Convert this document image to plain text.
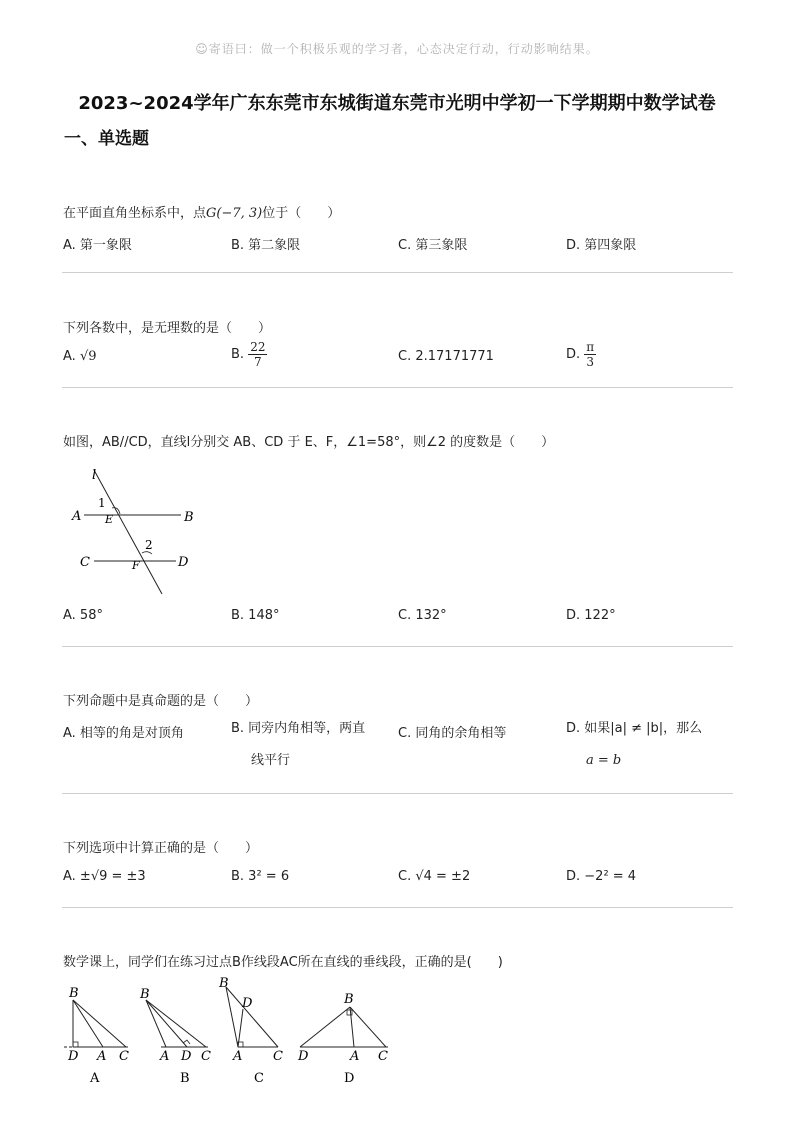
☺寄语曰：做一个积极乐观的学习者，心态决定行动，行动影响结果。
2023~2024学年广东东莞市东城街道东莞市光明中学初一下学期期中数学试卷
一、单选题
在平面直角坐标系中，点G(−7, 3)位于（　　）
A. 第一象限	B. 第二象限	C. 第三象限	D. 第四象限
下列各数中，是无理数的是（　　）
A. √9	B. $\frac{22}{7}$	C. 2.17171771	D. $\frac{\pi}{3}$
如图，AB//CD，直线l分别交 AB、CD 于 E、F，∠1=58°，则∠2 的度数是（　　）
l
A	B
C	D
E
F
1
2
A. 58°	B. 148°	C. 132°	D. 122°
下列命题中是真命题的是（　　）
A. 相等的角是对顶角	B. 同旁内角相等，两直
线平行
C. 同角的余角相等	D. 如果|a| ≠ |b|，那么
a = b
下列选项中计算正确的是（　　）
A. ±√9 = ±3	B. 3² = 6	C. √4 = ±2	D. −2² = 4
数学课上，同学们在练习过点B作线段AC所在直线的垂线段，正确的是(　　)
B
D A C
A
B
A D C
B
B
D
A C
C
B
D	A C
D
